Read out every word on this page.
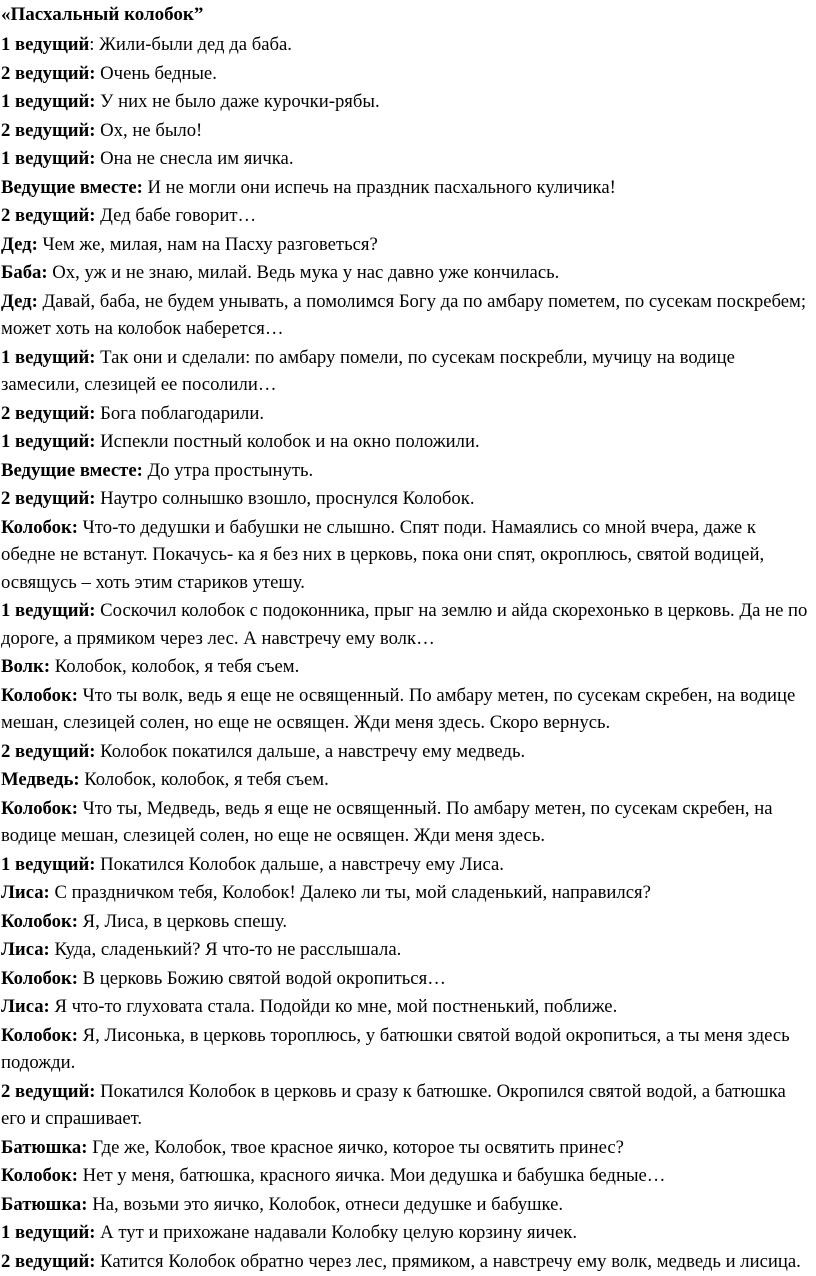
«Пасхальный колобок”
1 ведущий: Жили-были дед да баба.
2 ведущий: Очень бедные.
1 ведущий: У них не было даже курочки-рябы.
2 ведущий: Ох, не было!
1 ведущий: Она не снесла им яичка.
Ведущие вместе: И не могли они испечь на праздник пасхального куличика!
2 ведущий: Дед бабе говорит…
Дед: Чем же, милая, нам на Пасху разговеться?
Баба: Ох, уж и не знаю, милай. Ведь мука у нас давно уже кончилась.
Дед: Давай, баба, не будем унывать, а помолимся Богу да по амбару пометем, по сусекам поскребем; может хоть на колобок наберется…
1 ведущий: Так они и сделали: по амбару помели, по сусекам поскребли, мучицу на водице замесили, слезицей ее посолили…
2 ведущий: Бога поблагодарили.
1 ведущий: Испекли постный колобок и на окно положили.
Ведущие вместе: До утра простынуть.
2 ведущий: Наутро солнышко взошло, проснулся Колобок.
Колобок: Что-то дедушки и бабушки не слышно. Спят поди. Намаялись со мной вчера, даже к обедне не встанут. Покачусь- ка я без них в церковь, пока они спят, окроплюсь, святой водицей, освящусь – хоть этим стариков утешу.
1 ведущий: Соскочил колобок с подоконника, прыг на землю и айда скорехонько в церковь. Да не по дороге, а прямиком через лес. А навстречу ему волк…
Волк: Колобок, колобок, я тебя съем.
Колобок: Что ты волк, ведь я еще не освященный. По амбару метен, по сусекам скребен, на водице мешан, слезицей солен, но еще не освящен. Жди меня здесь. Скоро вернусь.
2 ведущий: Колобок покатился дальше, а навстречу ему медведь.
Медведь: Колобок, колобок, я тебя съем.
Колобок: Что ты, Медведь, ведь я еще не освященный. По амбару метен, по сусекам скребен, на водице мешан, слезицей солен, но еще не освящен. Жди меня здесь.
1 ведущий: Покатился Колобок дальше, а навстречу ему Лиса.
Лиса: С праздничком тебя, Колобок! Далеко ли ты, мой сладенький, направился?
Колобок: Я, Лиса, в церковь спешу.
Лиса: Куда, сладенький? Я что-то не расслышала.
Колобок: В церковь Божию святой водой окропиться…
Лиса: Я что-то глуховата стала. Подойди ко мне, мой постненький, поближе.
Колобок: Я, Лисонька, в церковь тороплюсь, у батюшки святой водой окропиться, а ты меня здесь подожди.
2 ведущий: Покатился Колобок в церковь и сразу к батюшке. Окропился святой водой, а батюшка его и спрашивает.
Батюшка: Где же, Колобок, твое красное яичко, которое ты освятить принес?
Колобок: Нет у меня, батюшка, красного яичка. Мои дедушка и бабушка бедные…
Батюшка: На, возьми это яичко, Колобок, отнеси дедушке и бабушке.
1 ведущий: А тут и прихожане надавали Колобку целую корзину яичек.
2 ведущий: Катится Колобок обратно через лес, прямиком, а навстречу ему волк, медведь и лисица.
